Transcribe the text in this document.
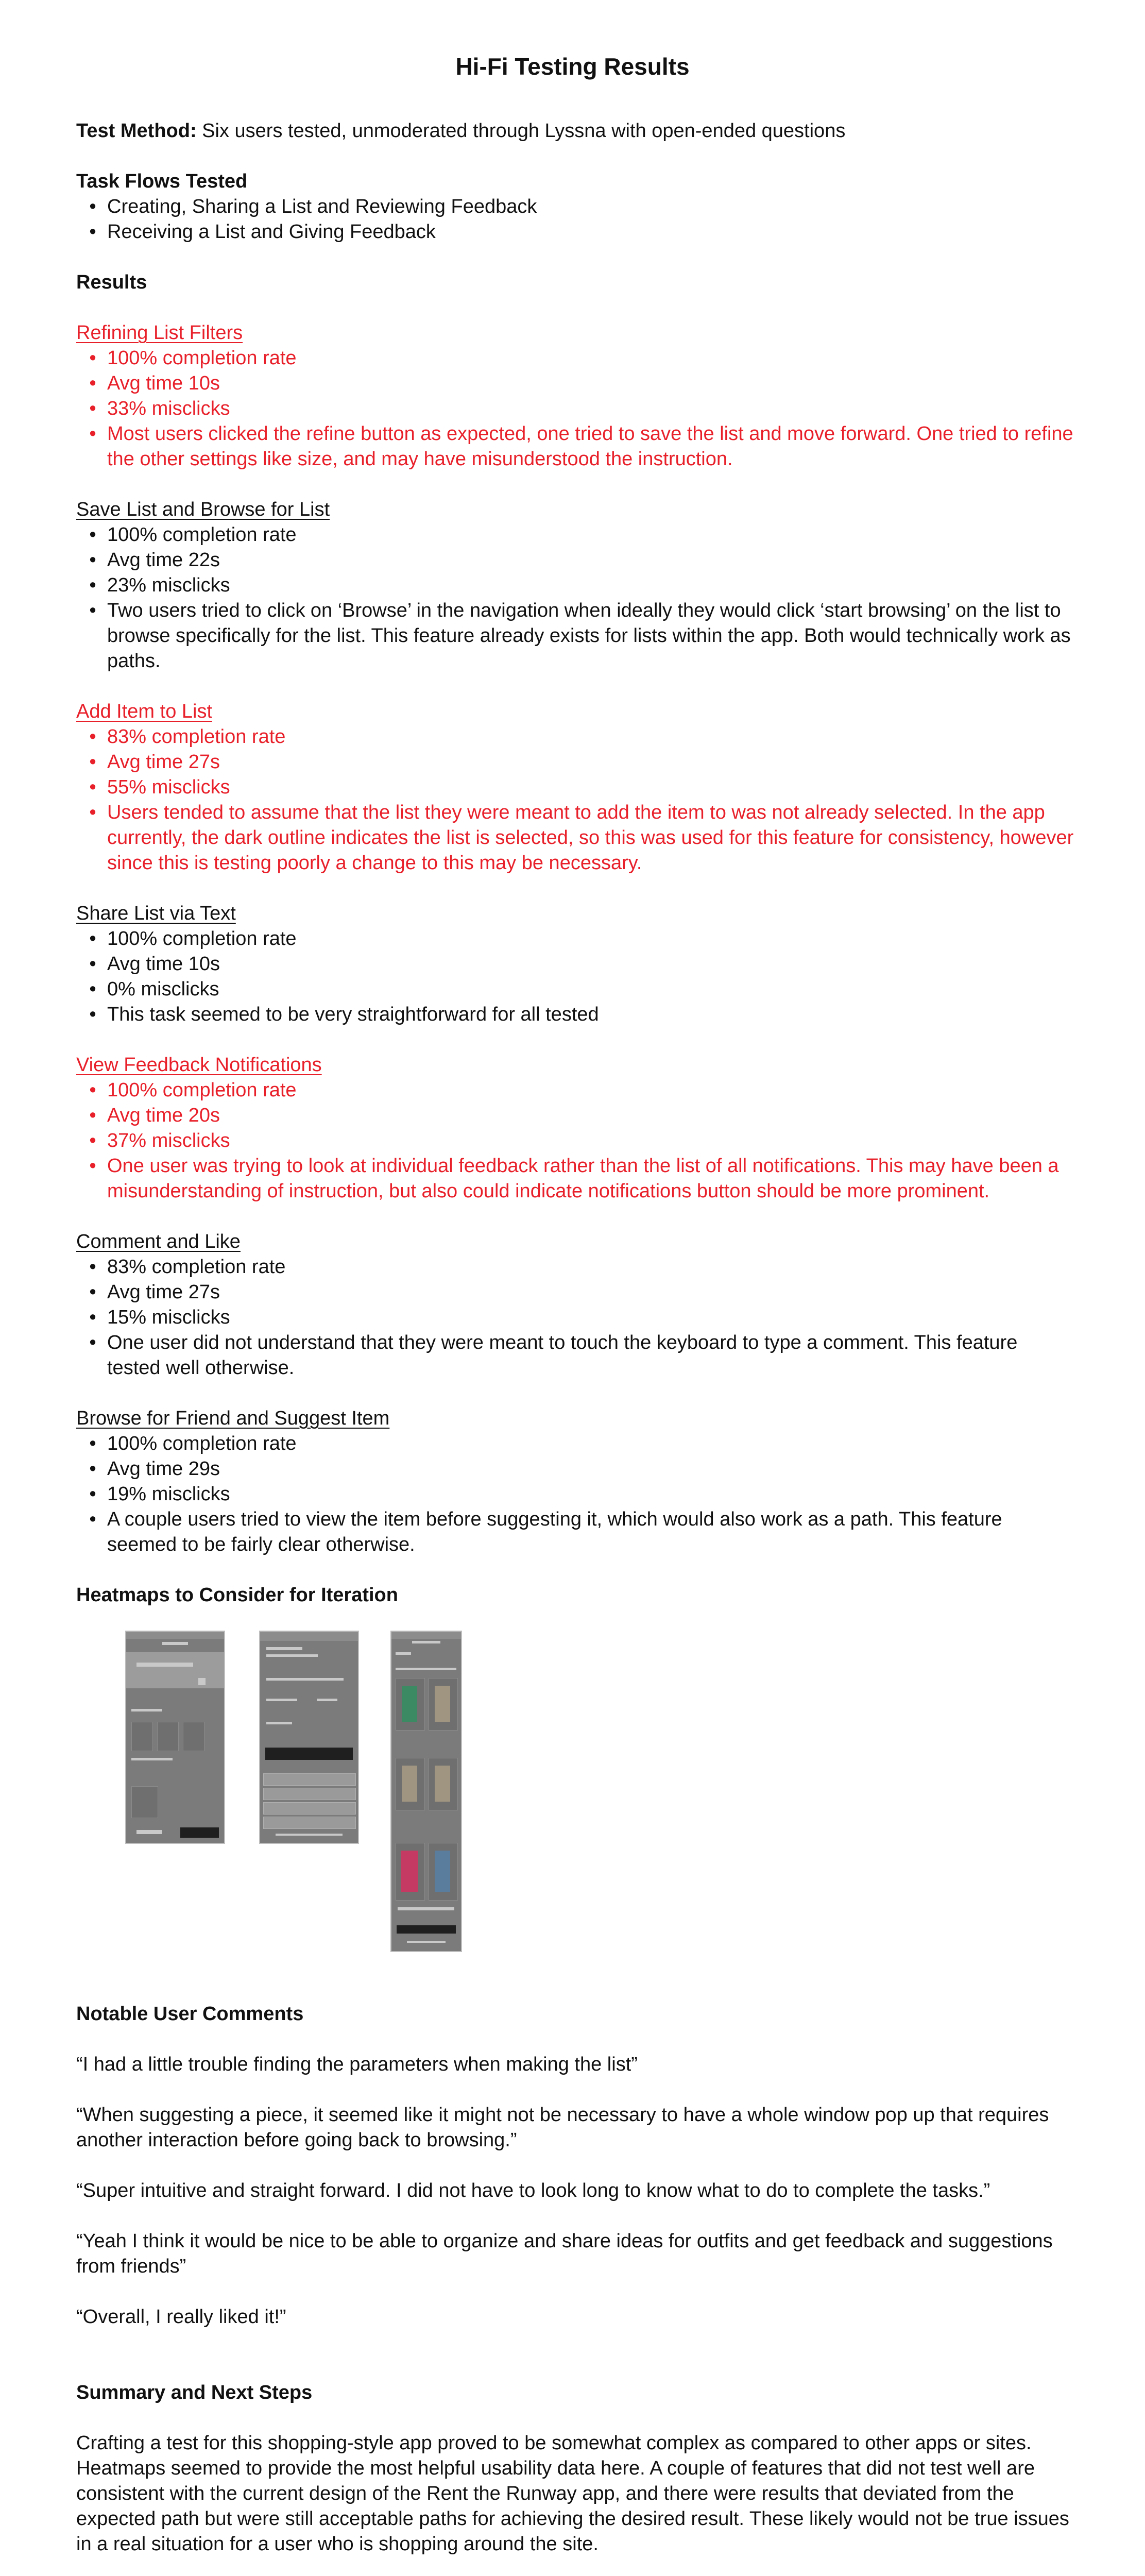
Hi-Fi Testing Results

Test Method: Six users tested, unmoderated through Lyssna with open-ended questions

Task Flows Tested

• Creating, Sharing a List and Reviewing Feedback
• Receiving a List and Giving Feedback

Results

Refining List Filters

• 100% completion rate
• Avg time 10s
• 33% misclicks
• Most users clicked the refine button as expected, one tried to save the list and move forward. One tried to refine the other settings like size, and may have misunderstood the instruction.

Save List and Browse for List

• 100% completion rate
• Avg time 22s
• 23% misclicks
• Two users tried to click on ‘Browse’ in the navigation when ideally they would click ‘start browsing’ on the list to browse specifically for the list. This feature already exists for lists within the app. Both would technically work as paths.

Add Item to List

• 83% completion rate
• Avg time 27s
• 55% misclicks
• Users tended to assume that the list they were meant to add the item to was not already selected. In the app currently, the dark outline indicates the list is selected, so this was used for this feature for consistency, however since this is testing poorly a change to this may be necessary.

Share List via Text

• 100% completion rate
• Avg time 10s
• 0% misclicks
• This task seemed to be very straightforward for all tested

View Feedback Notifications

• 100% completion rate
• Avg time 20s
• 37% misclicks
• One user was trying to look at individual feedback rather than the list of all notifications. This may have been a misunderstanding of instruction, but also could indicate notifications button should be more prominent.

Comment and Like

• 83% completion rate
• Avg time 27s
• 15% misclicks
• One user did not understand that they were meant to touch the keyboard to type a comment. This feature tested well otherwise.

Browse for Friend and Suggest Item

• 100% completion rate
• Avg time 29s
• 19% misclicks
• A couple users tried to view the item before suggesting it, which would also work as a path. This feature seemed to be fairly clear otherwise.

Heatmaps to Consider for Iteration

Notable User Comments

“I had a little trouble finding the parameters when making the list”

“When suggesting a piece, it seemed like it might not be necessary to have a whole window pop up that requires another interaction before going back to browsing.”

“Super intuitive and straight forward. I did not have to look long to know what to do to complete the tasks.”

“Yeah I think it would be nice to be able to organize and share ideas for outfits and get feedback and suggestions from friends”

“Overall, I really liked it!”

Summary and Next Steps

Crafting a test for this shopping-style app proved to be somewhat complex as compared to other apps or sites. Heatmaps seemed to provide the most helpful usability data here. A couple of features that did not test well are consistent with the current design of the Rent the Runway app, and there were results that deviated from the expected path but were still acceptable paths for achieving the desired result. These likely would not be true issues in a real situation for a user who is shopping around the site.
